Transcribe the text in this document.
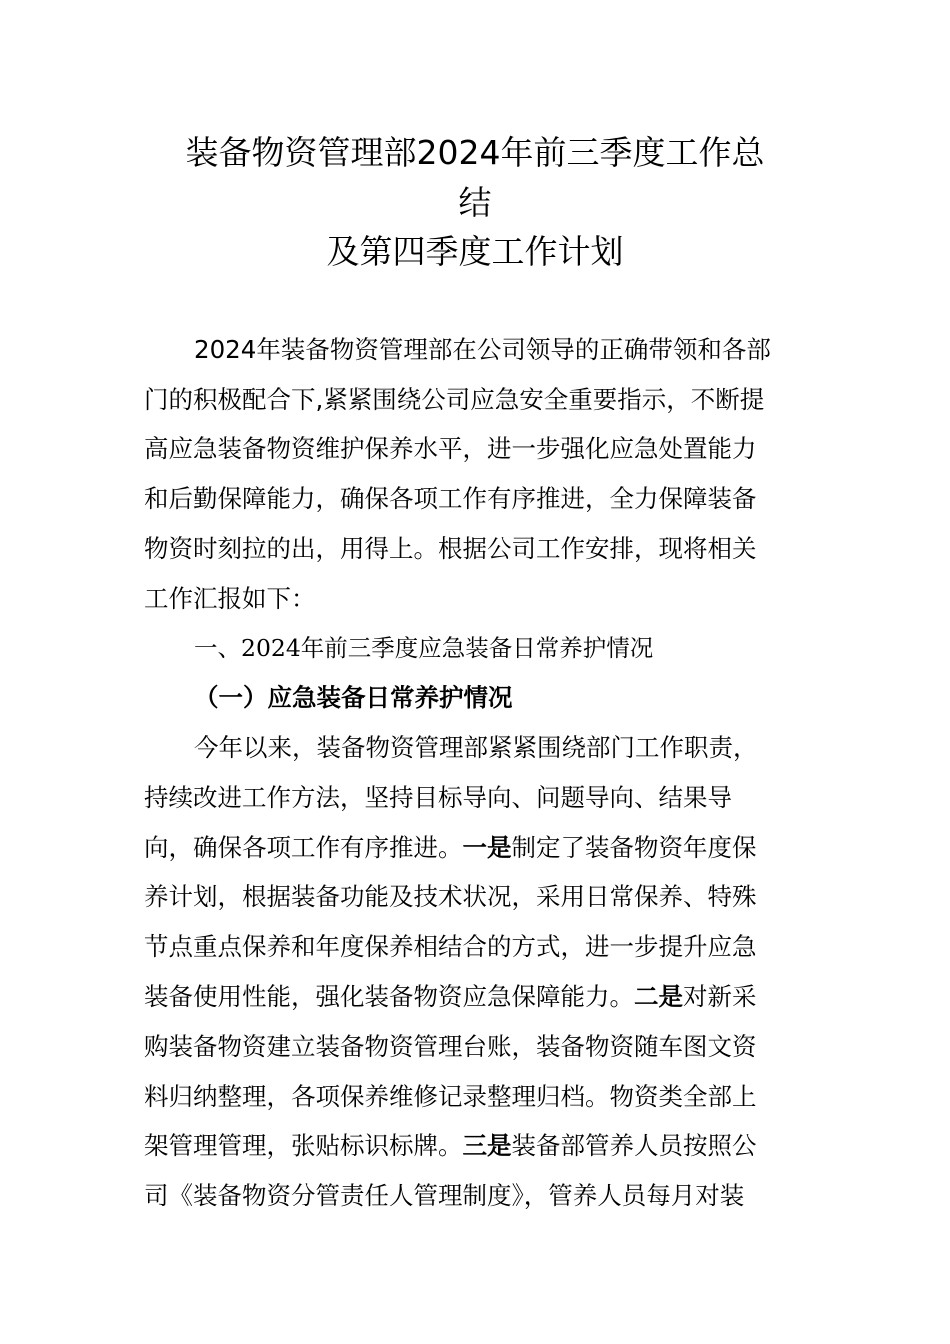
装备物资管理部2024年前三季度工作总
结
及第四季度工作计划
2024年装备物资管理部在公司领导的正确带领和各部
门的积极配合下,紧紧围绕公司应急安全重要指示，不断提
高应急装备物资维护保养水平，进一步强化应急处置能力
和后勤保障能力，确保各项工作有序推进，全力保障装备
物资时刻拉的出，用得上。根据公司工作安排，现将相关
工作汇报如下：
一、2024年前三季度应急装备日常养护情况
（一）应急装备日常养护情况
今年以来，装备物资管理部紧紧围绕部门工作职责，
持续改进工作方法，坚持目标导向、问题导向、结果导
向，确保各项工作有序推进。一是制定了装备物资年度保
养计划，根据装备功能及技术状况，采用日常保养、特殊
节点重点保养和年度保养相结合的方式，进一步提升应急
装备使用性能，强化装备物资应急保障能力。二是对新采
购装备物资建立装备物资管理台账，装备物资随车图文资
料归纳整理，各项保养维修记录整理归档。物资类全部上
架管理管理，张贴标识标牌。三是装备部管养人员按照公
司《装备物资分管责任人管理制度》，管养人员每月对装
